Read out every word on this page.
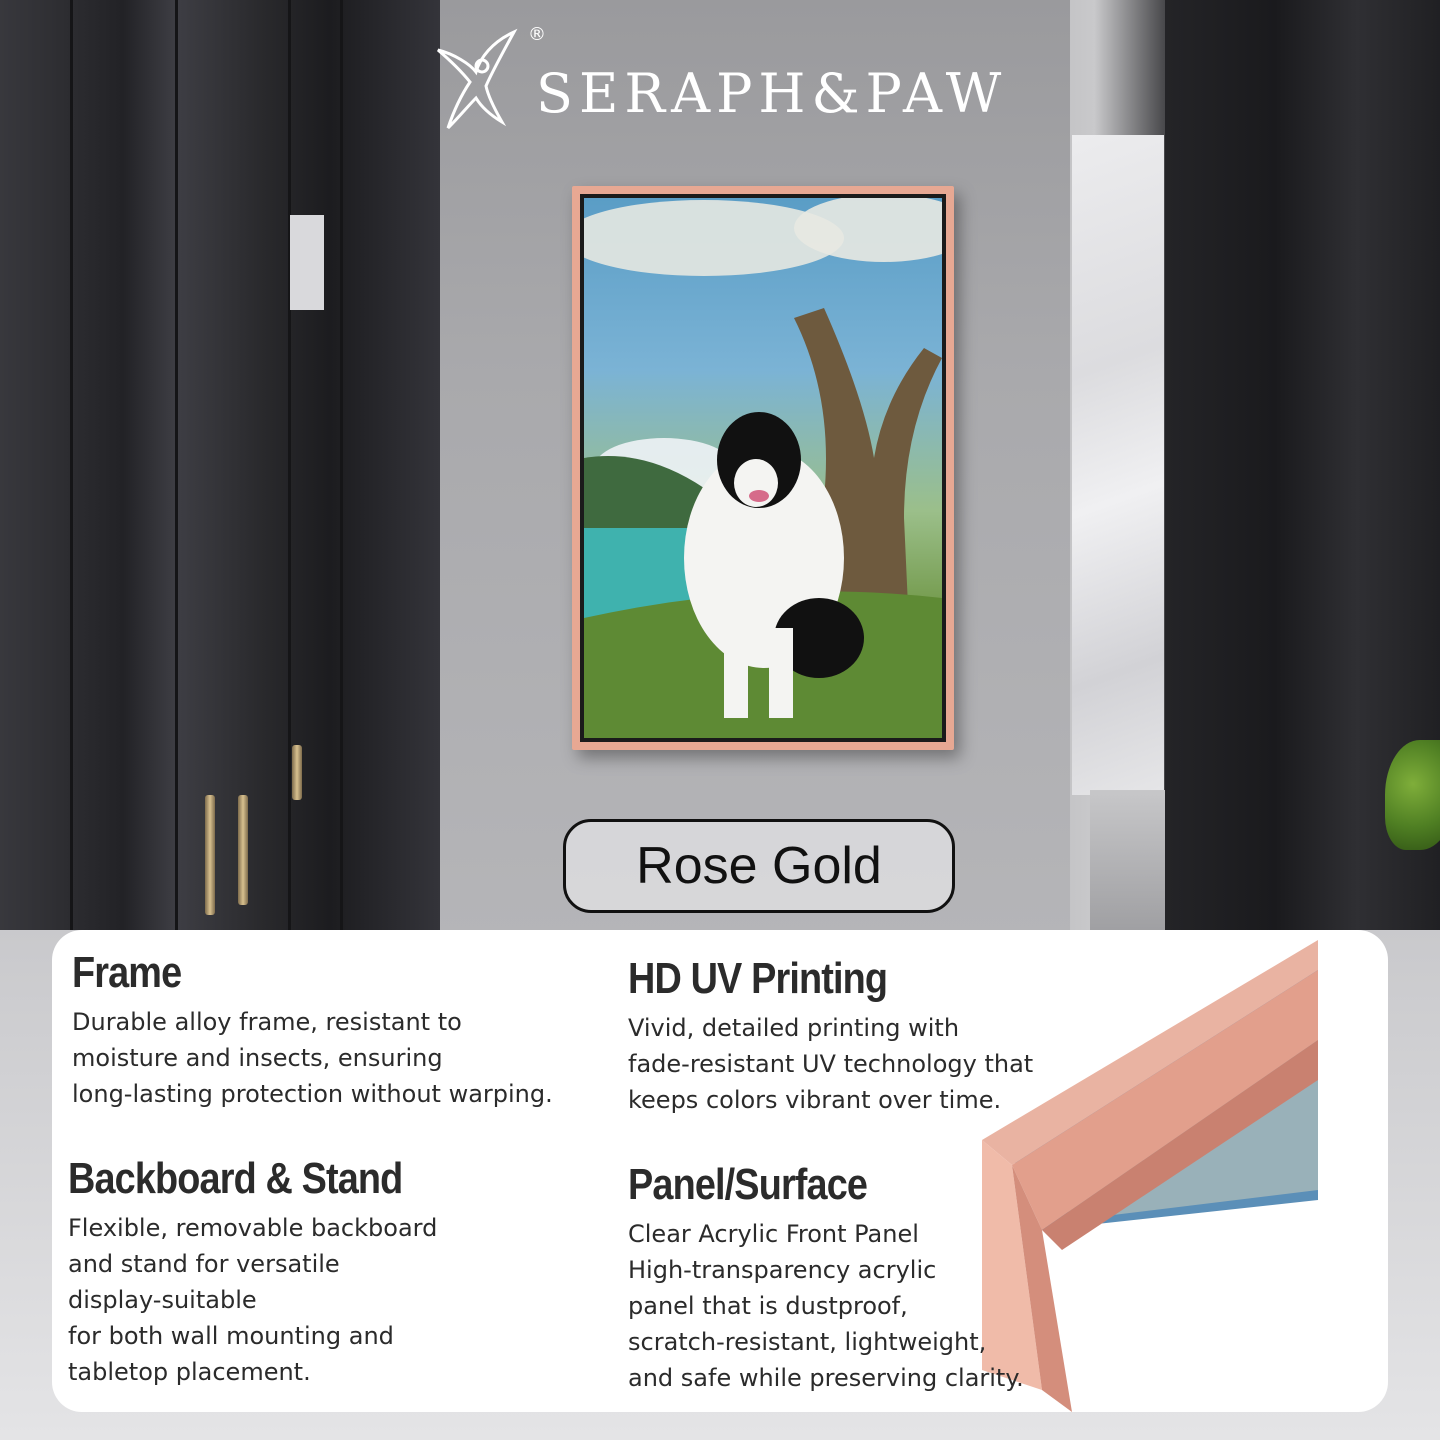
®
SERAPH&PAW
Rose Gold
Frame
Durable alloy frame, resistant to
moisture and insects, ensuring
long-lasting protection without warping.
HD UV Printing
Vivid, detailed printing with
fade-resistant UV technology that
keeps colors vibrant over time.
Backboard & Stand
Flexible, removable backboard
and stand for versatile
display-suitable
for both wall mounting and
tabletop placement.
Panel/Surface
Clear Acrylic Front Panel
High-transparency acrylic
panel that is dustproof,
scratch-resistant, lightweight,
and safe while preserving clarity.
